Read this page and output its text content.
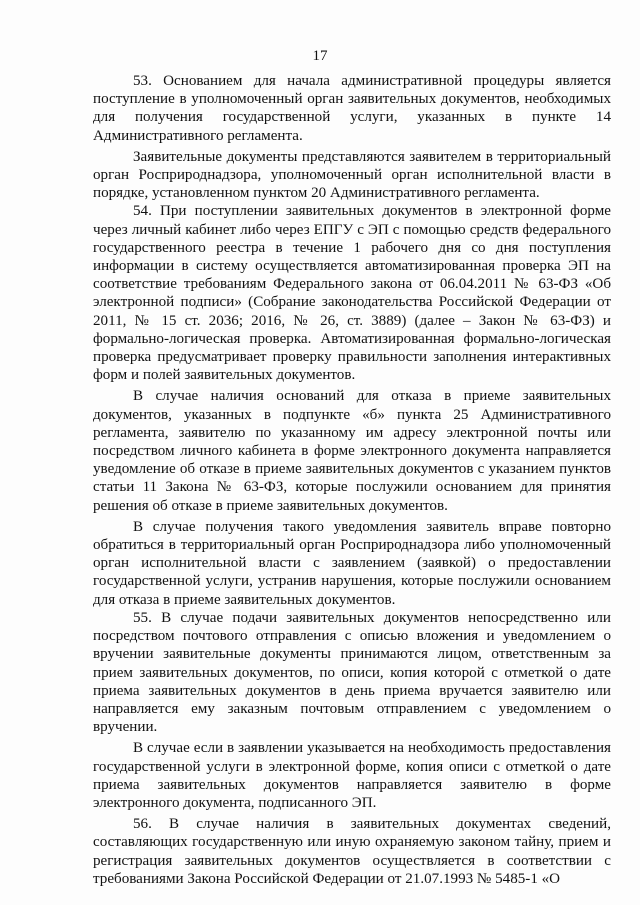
17

53. Основанием для начала административной процедуры является поступление в уполномоченный орган заявительных документов, необходимых для получения государственной услуги, указанных в пункте 14 Административного регламента.

Заявительные документы представляются заявителем в территориальный орган Росприроднадзора, уполномоченный орган исполнительной власти в порядке, установленном пунктом 20 Административного регламента.

54. При поступлении заявительных документов в электронной форме через личный кабинет либо через ЕПГУ с ЭП с помощью средств федерального государственного реестра в течение 1 рабочего дня со дня поступления информации в систему осуществляется автоматизированная проверка ЭП на соответствие требованиям Федерального закона от 06.04.2011 № 63-ФЗ «Об электронной подписи» (Собрание законодательства Российской Федерации от 2011, № 15 ст. 2036; 2016, № 26, ст. 3889) (далее – Закон № 63-ФЗ) и формально-логическая проверка. Автоматизированная формально-логическая проверка предусматривает проверку правильности заполнения интерактивных форм и полей заявительных документов.

В случае наличия оснований для отказа в приеме заявительных документов, указанных в подпункте «б» пункта 25 Административного регламента, заявителю по указанному им адресу электронной почты или посредством личного кабинета в форме электронного документа направляется уведомление об отказе в приеме заявительных документов с указанием пунктов статьи 11 Закона № 63-ФЗ, которые послужили основанием для принятия решения об отказе в приеме заявительных документов.

В случае получения такого уведомления заявитель вправе повторно обратиться в территориальный орган Росприроднадзора либо уполномоченный орган исполнительной власти с заявлением (заявкой) о предоставлении государственной услуги, устранив нарушения, которые послужили основанием для отказа в приеме заявительных документов.

55. В случае подачи заявительных документов непосредственно или посредством почтового отправления с описью вложения и уведомлением о вручении заявительные документы принимаются лицом, ответственным за прием заявительных документов, по описи, копия которой с отметкой о дате приема заявительных документов в день приема вручается заявителю или направляется ему заказным почтовым отправлением с уведомлением о вручении.

В случае если в заявлении указывается на необходимость предоставления государственной услуги в электронной форме, копия описи с отметкой о дате приема заявительных документов направляется заявителю в форме электронного документа, подписанного ЭП.

56. В случае наличия в заявительных документах сведений, составляющих государственную или иную охраняемую законом тайну, прием и регистрация заявительных документов осуществляется в соответствии с требованиями Закона Российской Федерации от 21.07.1993 № 5485-1 «О
